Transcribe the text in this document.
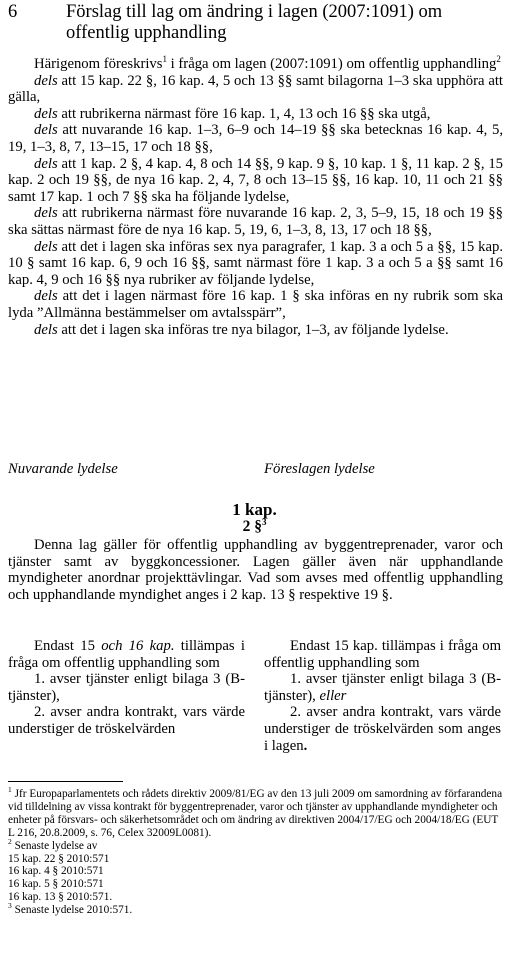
6	Förslag till lag om ändring i lagen (2007:1091) om offentlig upphandling

Härigenom föreskrivs$^1$ i fråga om lagen (2007:1091) om offentlig upphandling$^2$

dels att 15 kap. 22 §, 16 kap. 4, 5 och 13 §§ samt bilagorna 1–3 ska upphöra att gälla,

dels att rubrikerna närmast före 16 kap. 1, 4, 13 och 16 §§ ska utgå,

dels att nuvarande 16 kap. 1–3, 6–9 och 14–19 §§ ska betecknas 16 kap. 4, 5, 19, 1–3, 8, 7, 13–15, 17 och 18 §§,

dels att 1 kap. 2 §, 4 kap. 4, 8 och 14 §§, 9 kap. 9 §, 10 kap. 1 §, 11 kap. 2 §, 15 kap. 2 och 19 §§, de nya 16 kap. 2, 4, 7, 8 och 13–15 §§, 16 kap. 10, 11 och 21 §§ samt 17 kap. 1 och 7 §§ ska ha följande lydelse,

dels att rubrikerna närmast före nuvarande 16 kap. 2, 3, 5–9, 15, 18 och 19 §§ ska sättas närmast före de nya 16 kap. 5, 19, 6, 1–3, 8, 13, 17 och 18 §§,

dels att det i lagen ska införas sex nya paragrafer, 1 kap. 3 a och 5 a §§, 15 kap. 10 § samt 16 kap. 6, 9 och 16 §§, samt närmast före 1 kap. 3 a och 5 a §§ samt 16 kap. 4, 9 och 16 §§ nya rubriker av följande lydelse,

dels att det i lagen närmast före 16 kap. 1 § ska införas en ny rubrik som ska lyda ”Allmänna bestämmelser om avtalsspärr”,

dels att det i lagen ska införas tre nya bilagor, 1–3, av följande lydelse.

Nuvarande lydelse	Föreslagen lydelse
1 kap.
2 §$^3$

Denna lag gäller för offentlig upphandling av byggentreprenader, varor och tjänster samt av byggkoncessioner. Lagen gäller även när upphandlande myndigheter anordnar projekttävlingar. Vad som avses med offentlig upphandling och upphandlande myndighet anges i 2 kap. 13 § respektive 19 §.

Endast 15 och 16 kap. tillämpas i fråga om offentlig upphandling som

1. avser tjänster enligt bilaga 3 (B-tjänster),

2. avser andra kontrakt, vars värde understiger de tröskelvärden

Endast 15 kap. tillämpas i fråga om offentlig upphandling som

1. avser tjänster enligt bilaga 3 (B-tjänster), eller

2. avser andra kontrakt, vars värde understiger de tröskelvärden som anges i lagen.

$^1$ Jfr Europaparlamentets och rådets direktiv 2009/81/EG av den 13 juli 2009 om samordning av förfarandena vid tilldelning av vissa kontrakt för byggentreprenader, varor och tjänster av upphandlande myndigheter och enheter på försvars- och säkerhetsområdet och om ändring av direktiven 2004/17/EG och 2004/18/EG (EUT L 216, 20.8.2009, s. 76, Celex 32009L0081).

$^2$ Senaste lydelse av

15 kap. 22 § 2010:571

16 kap. 4 § 2010:571

16 kap. 5 § 2010:571

16 kap. 13 § 2010:571.

$^3$ Senaste lydelse 2010:571.
